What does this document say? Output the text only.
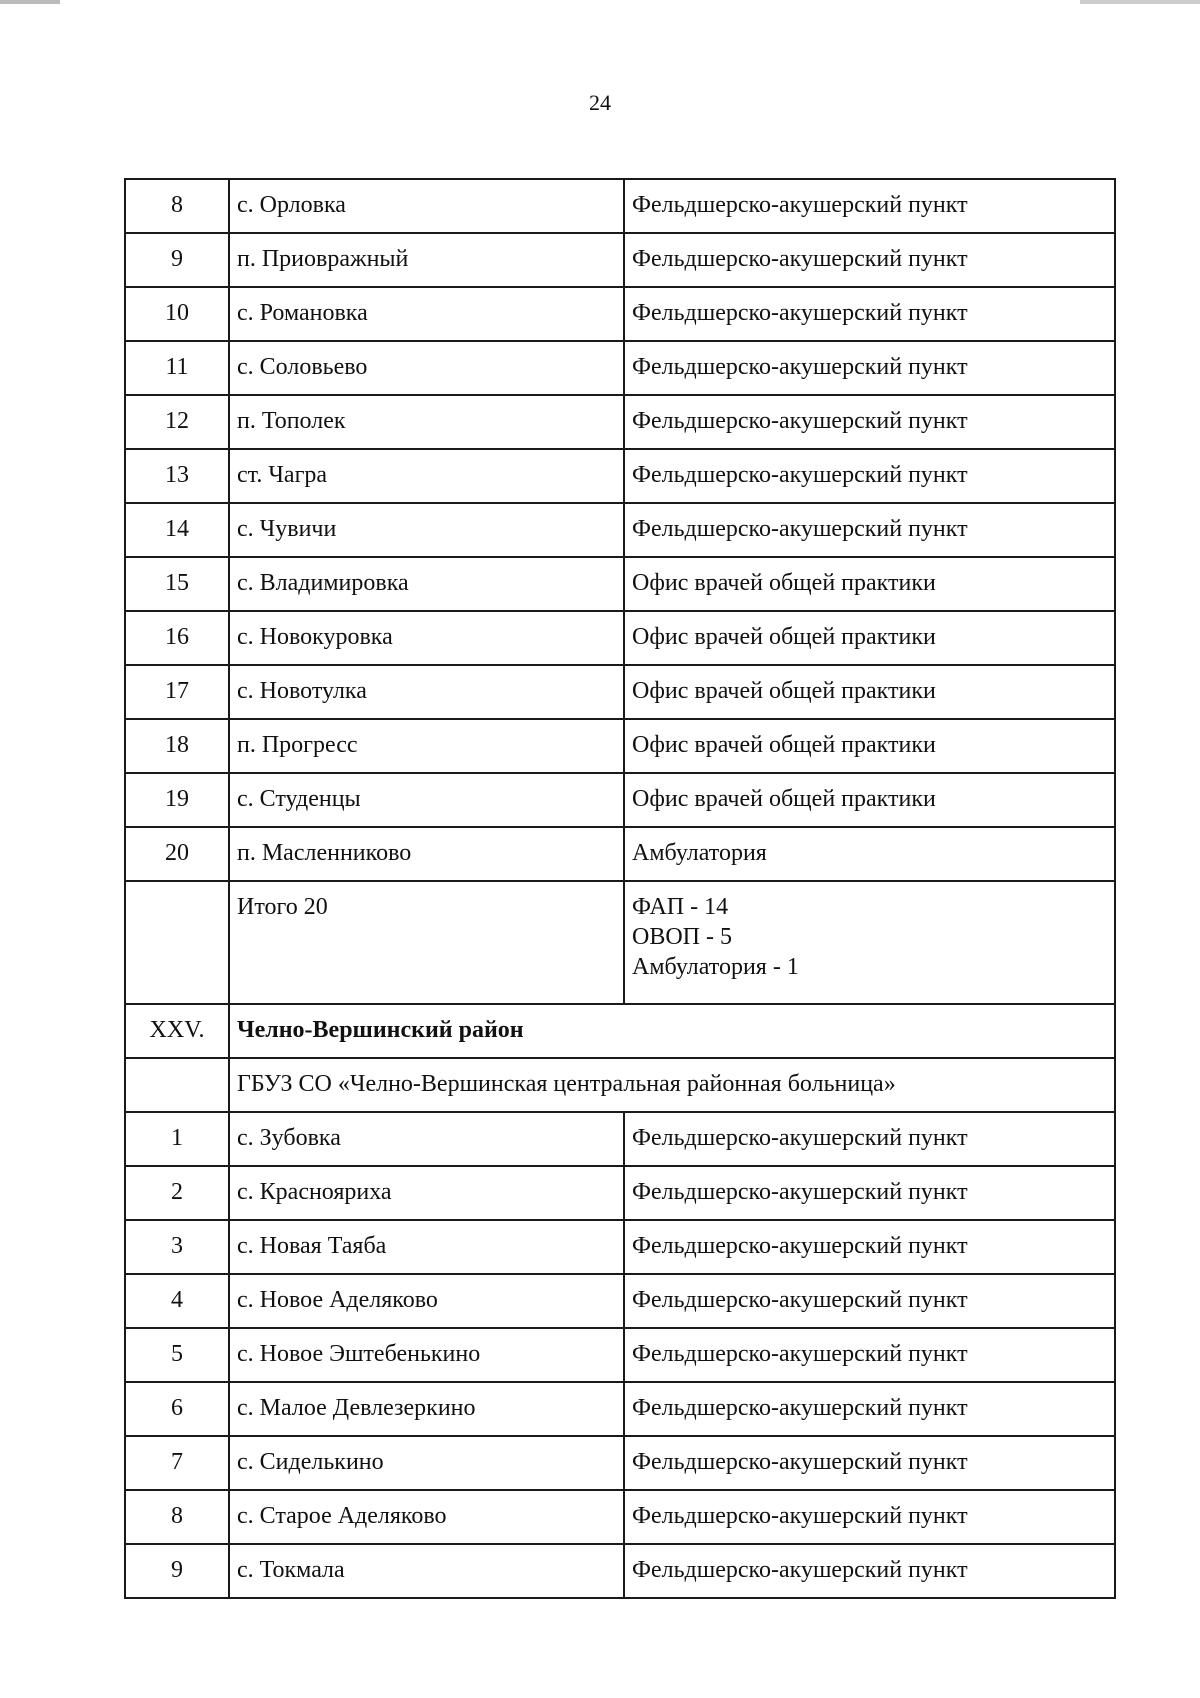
24
8	с. Орловка	Фельдшерско-акушерский пункт
9	п. Приовражный	Фельдшерско-акушерский пункт
10	с. Романовка	Фельдшерско-акушерский пункт
11	с. Соловьево	Фельдшерско-акушерский пункт
12	п. Тополек	Фельдшерско-акушерский пункт
13	ст. Чагра	Фельдшерско-акушерский пункт
14	с. Чувичи	Фельдшерско-акушерский пункт
15	с. Владимировка	Офис врачей общей практики
16	с. Новокуровка	Офис врачей общей практики
17	с. Новотулка	Офис врачей общей практики
18	п. Прогресс	Офис врачей общей практики
19	с. Студенцы	Офис врачей общей практики
20	п. Масленниково	Амбулатория
	Итого 20	ФАП - 14
ОВОП - 5
Амбулатория - 1

XXV.	Челно-Вершинский район	
	ГБУЗ СО «Челно-Вершинская центральная районная больница»	
1	с. Зубовка	Фельдшерско-акушерский пункт
2	с. Краснояриха	Фельдшерско-акушерский пункт
3	с. Новая Таяба	Фельдшерско-акушерский пункт
4	с. Новое Аделяково	Фельдшерско-акушерский пункт
5	с. Новое Эштебенькино	Фельдшерско-акушерский пункт
6	с. Малое Девлезеркино	Фельдшерско-акушерский пункт
7	с. Сиделькино	Фельдшерско-акушерский пункт
8	с. Старое Аделяково	Фельдшерско-акушерский пункт
9	с. Токмала	Фельдшерско-акушерский пункт
